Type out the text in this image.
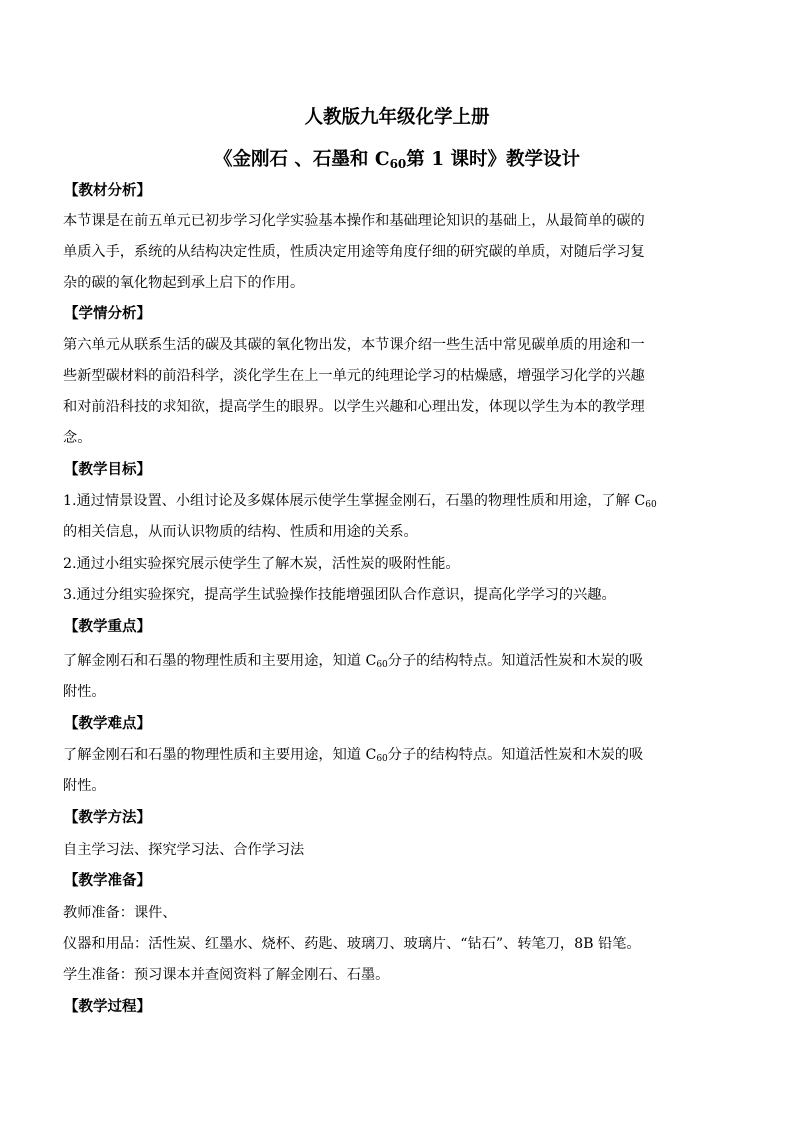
人教版九年级化学上册
《金刚石 、石墨和 $C_{60}$第 1 课时》教学设计
【教材分析】
本节课是在前五单元已初步学习化学实验基本操作和基础理论知识的基础上，从最简单的碳的
单质入手，系统的从结构决定性质，性质决定用途等角度仔细的研究碳的单质，对随后学习复
杂的碳的氧化物起到承上启下的作用。
【学情分析】
第六单元从联系生活的碳及其碳的氧化物出发，本节课介绍一些生活中常见碳单质的用途和一
些新型碳材料的前沿科学，淡化学生在上一单元的纯理论学习的枯燥感，增强学习化学的兴趣
和对前沿科技的求知欲，提高学生的眼界。以学生兴趣和心理出发，体现以学生为本的教学理
念。
【教学目标】
1.通过情景设置、小组讨论及多媒体展示使学生掌握金刚石，石墨的物理性质和用途，了解 $C_{60}$
的相关信息，从而认识物质的结构、性质和用途的关系。
2.通过小组实验探究展示使学生了解木炭，活性炭的吸附性能。
3.通过分组实验探究，提高学生试验操作技能增强团队合作意识，提高化学学习的兴趣。
【教学重点】
了解金刚石和石墨的物理性质和主要用途，知道 $C_{60}$分子的结构特点。知道活性炭和木炭的吸
附性。
【教学难点】
了解金刚石和石墨的物理性质和主要用途，知道 $C_{60}$分子的结构特点。知道活性炭和木炭的吸
附性。
【教学方法】
自主学习法、探究学习法、合作学习法
【教学准备】
教师准备：课件、
仪器和用品：活性炭、红墨水、烧杯、药匙、玻璃刀、玻璃片、“钻石”、转笔刀，8B 铅笔。
学生准备：预习课本并查阅资料了解金刚石、石墨。
【教学过程】
